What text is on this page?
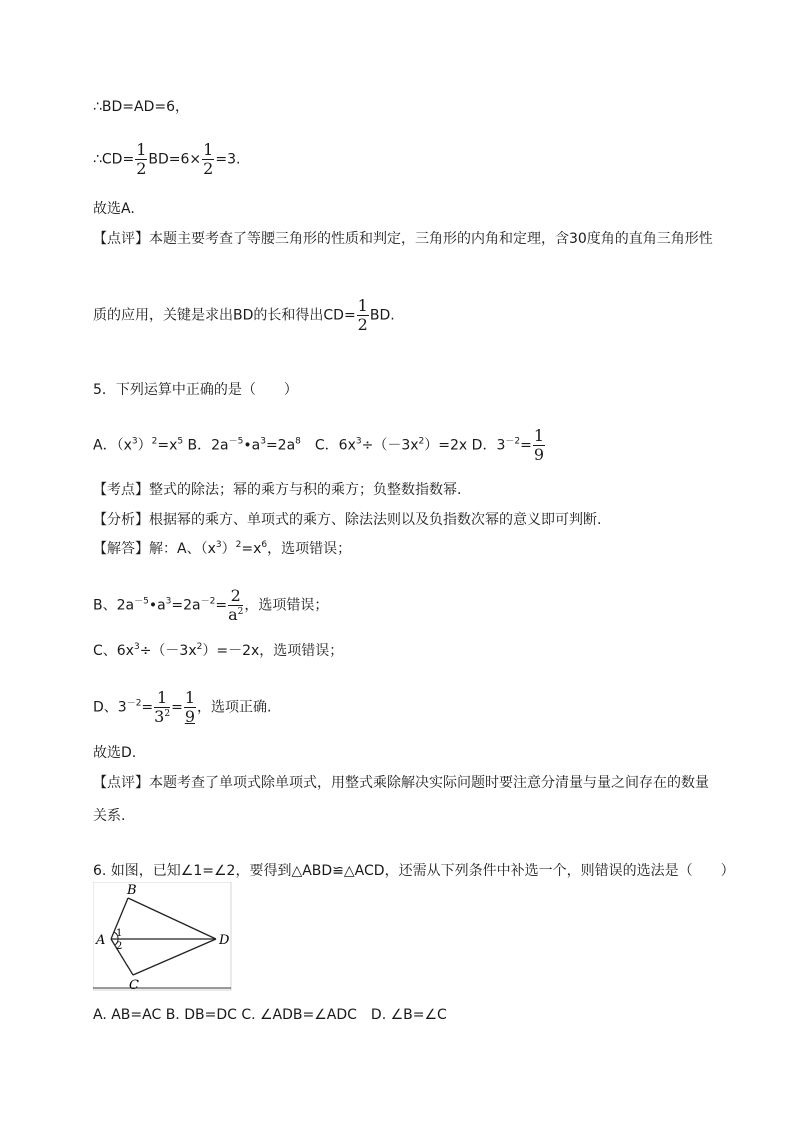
∴BD=AD=6，
∴CD= $\frac{1}{2} BD=6\times \frac{1}{2} =3$.
故选A.
【点评】本题主要考查了等腰三角形的性质和判定，三角形的内角和定理，含30度角的直角三角形性
质的应用，关键是求出BD的长和得出$CD= \frac{1}{2}$ BD.
5．下列运算中正确的是（　　）
A．$(x^3)^2=x^5$ B．$2a^{-5}•a^3=2a^8$　C．$6x^3\div(-3x^2)=2x$ D．$3^{-2}= \frac{1}{9}$
【考点】整式的除法；幂的乘方与积的乘方；负整数指数幂.
【分析】根据幂的乘方、单项式的乘方、除法法则以及负指数次幂的意义即可判断.
【解答】解：A、$(x^3)^2=x^6$，选项错误；
B、$2a^{-5}•a^3=2a^{-2}= \frac{2}{a^2}$ ，选项错误；
C、$6x^3\div(-3x^2)=-2x$，选项错误；
D、$3^{-2}= \frac{1}{3^2} = \frac{1}{9}$ ，选项正确.
故选D.
【点评】本题考查了单项式除单项式，用整式乘除解决实际问题时要注意分清量与量之间存在的数量
关系.
6. 如图，已知∠1=∠2，要得到△ABD≌△ACD，还需从下列条件中补选一个，则错误的选法是（　　）
B
A	D
C
1
2
A. AB=AC B. DB=DC C. ∠ADB=∠ADC　D. ∠B=∠C
